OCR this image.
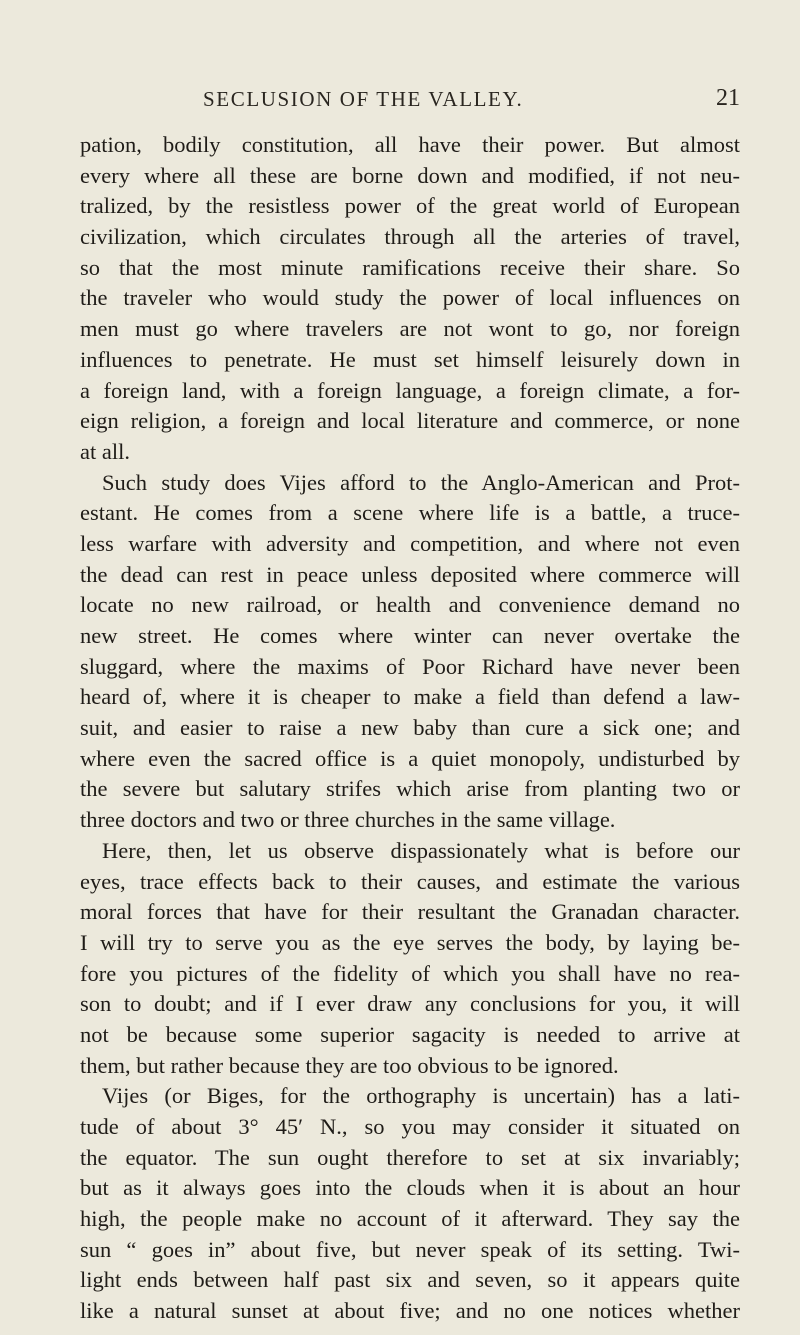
SECLUSION OF THE VALLEY.	21
pation, bodily constitution, all have their power. But almost
every where all these are borne down and modified, if not neu-
tralized, by the resistless power of the great world of European
civilization, which circulates through all the arteries of travel,
so that the most minute ramifications receive their share. So
the traveler who would study the power of local influences on
men must go where travelers are not wont to go, nor foreign
influences to penetrate. He must set himself leisurely down in
a foreign land, with a foreign language, a foreign climate, a for-
eign religion, a foreign and local literature and commerce, or none
at all.
Such study does Vijes afford to the Anglo-American and Prot-
estant. He comes from a scene where life is a battle, a truce-
less warfare with adversity and competition, and where not even
the dead can rest in peace unless deposited where commerce will
locate no new railroad, or health and convenience demand no
new street. He comes where winter can never overtake the
sluggard, where the maxims of Poor Richard have never been
heard of, where it is cheaper to make a field than defend a law-
suit, and easier to raise a new baby than cure a sick one; and
where even the sacred office is a quiet monopoly, undisturbed by
the severe but salutary strifes which arise from planting two or
three doctors and two or three churches in the same village.
Here, then, let us observe dispassionately what is before our
eyes, trace effects back to their causes, and estimate the various
moral forces that have for their resultant the Granadan character.
I will try to serve you as the eye serves the body, by laying be-
fore you pictures of the fidelity of which you shall have no rea-
son to doubt; and if I ever draw any conclusions for you, it will
not be because some superior sagacity is needed to arrive at
them, but rather because they are too obvious to be ignored.
Vijes (or Biges, for the orthography is uncertain) has a lati-
tude of about 3° 45′ N., so you may consider it situated on
the equator. The sun ought therefore to set at six invariably;
but as it always goes into the clouds when it is about an hour
high, the people make no account of it afterward. They say the
sun “ goes in” about five, but never speak of its setting. Twi-
light ends between half past six and seven, so it appears quite
like a natural sunset at about five; and no one notices whether
